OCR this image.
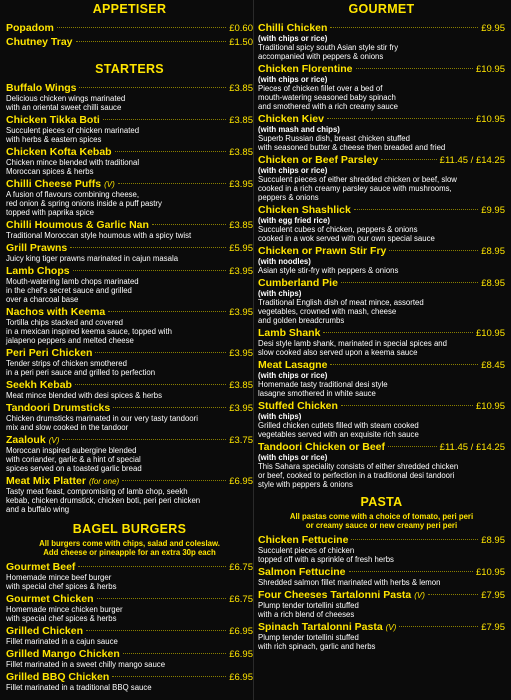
APPETISER
Popadom	£0.60
Chutney Tray	£1.50
STARTERS
Buffalo Wings	£3.85
Delicious chicken wings marinated
with an oriental sweet chilli sauce
Chicken Tikka Boti	£3.85
Succulent pieces of chicken marinated
with herbs & eastern spices
Chicken Kofta Kebab	£3.85
Chicken mince blended with traditional
Moroccan spices & herbs
Chilli Cheese Puffs (V)	£3.95
A fusion of flavours combining cheese,
red onion & spring onions inside a puff pastry
topped with paprika spice
Chilli Houmous & Garlic Nan	£3.85
Traditional Moroccan style houmous with a spicy twist
Grill Prawns	£5.95
Juicy king tiger prawns marinated in cajun masala
Lamb Chops	£3.95
Mouth-watering lamb chops marinated
in the chef's secret sauce and grilled
over a charcoal base
Nachos with Keema	£3.95
Tortilla chips stacked and covered
in a mexican inspired keema sauce, topped with
jalapeno peppers and melted cheese
Peri Peri Chicken	£3.95
Tender strips of chicken smothered
in a peri peri sauce and grilled to perfection
Seekh Kebab	£3.85
Meat mince blended with desi spices & herbs
Tandoori Drumsticks	£3.95
Chicken drumsticks marinated in our very tasty tandoori
mix and slow cooked in the tandoor
Zaalouk (V)	£3.75
Moroccan inspired aubergine blended
with coriander, garlic & a hint of special
spices served on a toasted garlic bread
Meat Mix Platter (for one)	£6.95
Tasty meat feast, compromising of lamb chop, seekh
kebab, chicken drumstick, chicken boti, peri peri chicken
and a buffalo wing
BAGEL BURGERS
All burgers come with chips, salad and coleslaw.
Add cheese or pineapple for an extra 30p each
Gourmet Beef	£6.75
Homemade mince beef burger
with special chef spices & herbs
Gourmet Chicken	£6.75
Homemade mince chicken burger
with special chef spices & herbs
Grilled Chicken	£6.95
Fillet marinated in a cajun sauce
Grilled Mango Chicken	£6.95
Fillet marinated in a sweet chilly mango sauce
Grilled BBQ Chicken	£6.95
Fillet marinated in a traditional BBQ sauce
GOURMET
Chilli Chicken	£9.95
(with chips or rice)
Traditional spicy south Asian style stir fry
accompanied with peppers & onions
Chicken Florentine	£10.95
(with chips or rice)
Pieces of chicken fillet over a bed of
mouth-watering seasoned baby spinach
and smothered with a rich creamy sauce
Chicken Kiev	£10.95
(with mash and chips)
Superb Russian dish, breast chicken stuffed
with seasoned butter & cheese then breaded and fried
Chicken or Beef Parsley	£11.45 / £14.25
(with chips or rice)
Succulent pieces of either shredded chicken or beef, slow
cooked in a rich creamy parsley sauce with mushrooms,
peppers & onions
Chicken Shashlick	£9.95
(with egg fried rice)
Succulent cubes of chicken, peppers & onions
cooked in a wok served with our own special sauce
Chicken or Prawn Stir Fry	£8.95
(with noodles)
Asian style stir-fry with peppers & onions
Cumberland Pie	£8.95
(with chips)
Traditional English dish of meat mince, assorted
vegetables, crowned with mash, cheese
and golden breadcrumbs
Lamb Shank	£10.95
Desi style lamb shank, marinated in special spices and
slow cooked also served upon a keema sauce
Meat Lasagne	£8.45
(with chips or rice)
Homemade tasty traditional desi style
lasagne smothered in white sauce
Stuffed Chicken	£10.95
(with chips)
Grilled chicken cutlets filled with steam cooked
vegetables served with an exquisite rich sauce
Tandoori Chicken or Beef	£11.45 / £14.25
(with chips or rice)
This Sahara speciality consists of either shredded chicken
or beef, cooked to perfection in a traditional desi tandoori
style with peppers & onions
PASTA
All pastas come with a choice of tomato, peri peri
or creamy sauce or new creamy peri peri
Chicken Fettucine	£8.95
Succulent pieces of chicken
topped off with a sprinkle of fresh herbs
Salmon Fettucine	£10.95
Shredded salmon fillet marinated with herbs & lemon
Four Cheeses Tartalonni Pasta (V)	£7.95
Plump tender tortellini stuffed
with a rich blend of cheeses
Spinach Tartalonni Pasta (V)	£7.95
Plump tender tortellini stuffed
with rich spinach, garlic and herbs
